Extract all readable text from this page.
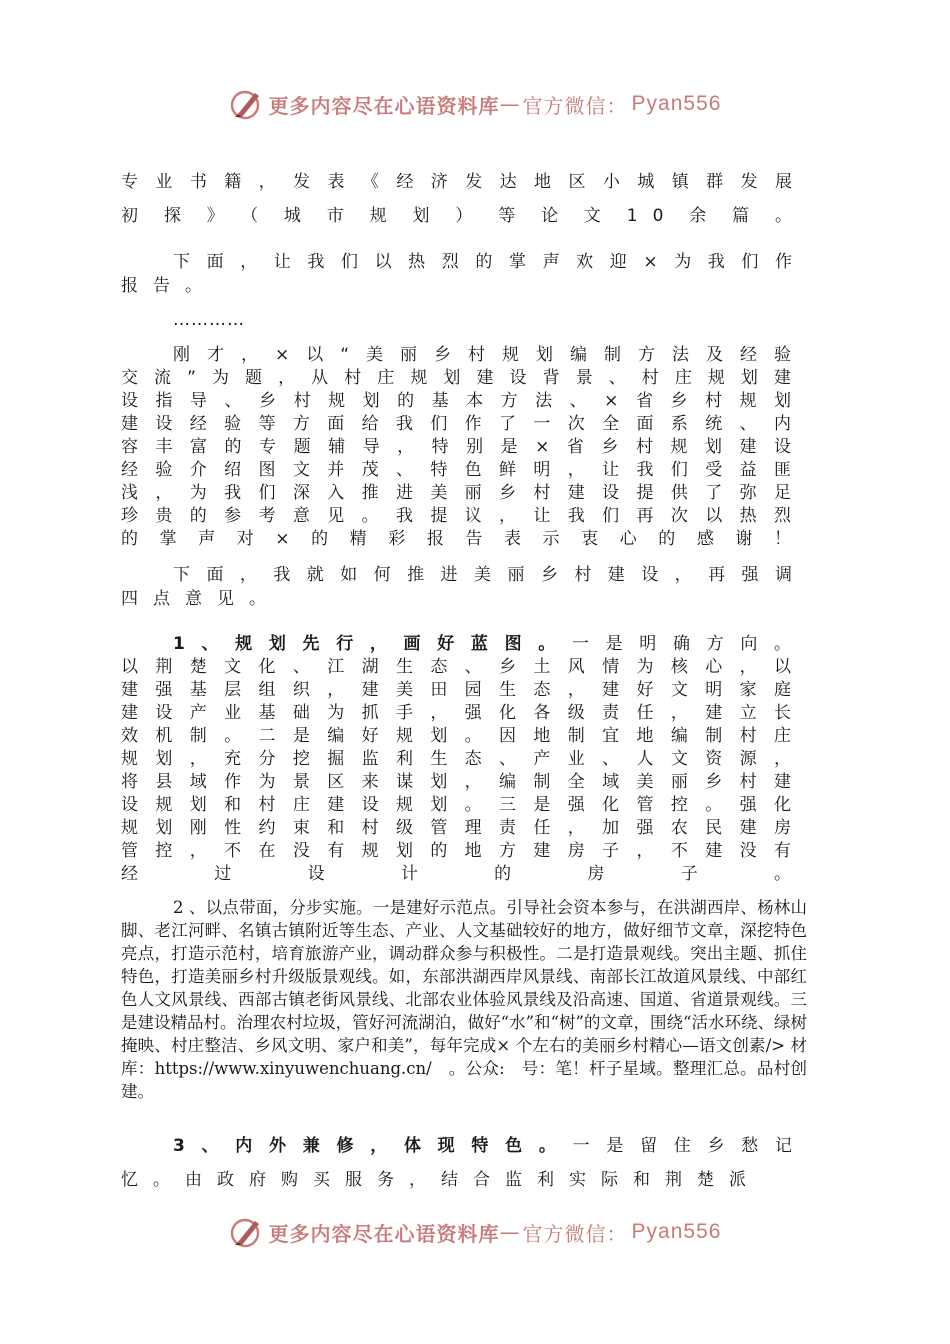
更多内容尽在心语资料库 — 官方微信： Pyan556

专业书籍，发表《经济发达地区小城镇群发展

初探》（城市规划）等论文10余篇。

下面，让我们以热烈的掌声欢迎×为我们作报告。

…………

刚才，×以“美丽乡村规划编制方法及经验交流”为题，从村庄规划建设背景、村庄规划建设指导、乡村规划的基本方法、×省乡村规划建设经验等方面给我们作了一次全面系统、内容丰富的专题辅导，特别是×省乡村规划建设经验介绍图文并茂、特色鲜明，让我们受益匪浅，为我们深入推进美丽乡村建设提供了弥足珍贵的参考意见。我提议，让我们再次以热烈的掌声对×的精彩报告表示衷心的感谢！

下面，我就如何推进美丽乡村建设，再强调四点意见。

1、规划先行，画好蓝图。一是明确方向。以荆楚文化、江湖生态、乡土风情为核心，以建强基层组织，建美田园生态，建好文明家庭建设产业基础为抓手，强化各级责任，建立长效机制。二是编好规划。因地制宜地编制村庄规划，充分挖掘监利生态、产业、人文资源，将县域作为景区来谋划，编制全域美丽乡村建设规划和村庄建设规划。三是强化管控。强化规划刚性约束和村级管理责任，加强农民建房管控，不在没有规划的地方建房子，不建没有经过设计的房子。

2 、以点带面，分步实施。一是建好示范点。引导社会资本参与，在洪湖西岸、杨林山脚、老江河畔、名镇古镇附近等生态、产业、人文基础较好的地方，做好细节文章，深挖特色亮点，打造示范村，培育旅游产业，调动群众参与积极性。二是打造景观线。突出主题、抓住特色，打造美丽乡村升级版景观线。如，东部洪湖西岸风景线、南部长江故道风景线、中部红色人文风景线、西部古镇老街风景线、北部农业体验风景线及沿高速、国道、省道景观线。三是建设精品村。治理农村垃圾，管好河流湖泊，做好“水”和“树”的文章，围绕“活水环绕、绿树掩映、村庄整洁、乡风文明、家户和美”，每年完成× 个左右的美丽乡村精心—语文创素/> 材库：https://www.xinyuwenchuang.cn/　。公众:　号：笔！杆子星域。整理汇总。品村创建。

3、内外兼修，体现特色。一是留住乡愁记忆。由政府购买服务，结合监利实际和荆楚派

更多内容尽在心语资料库 — 官方微信： Pyan556
